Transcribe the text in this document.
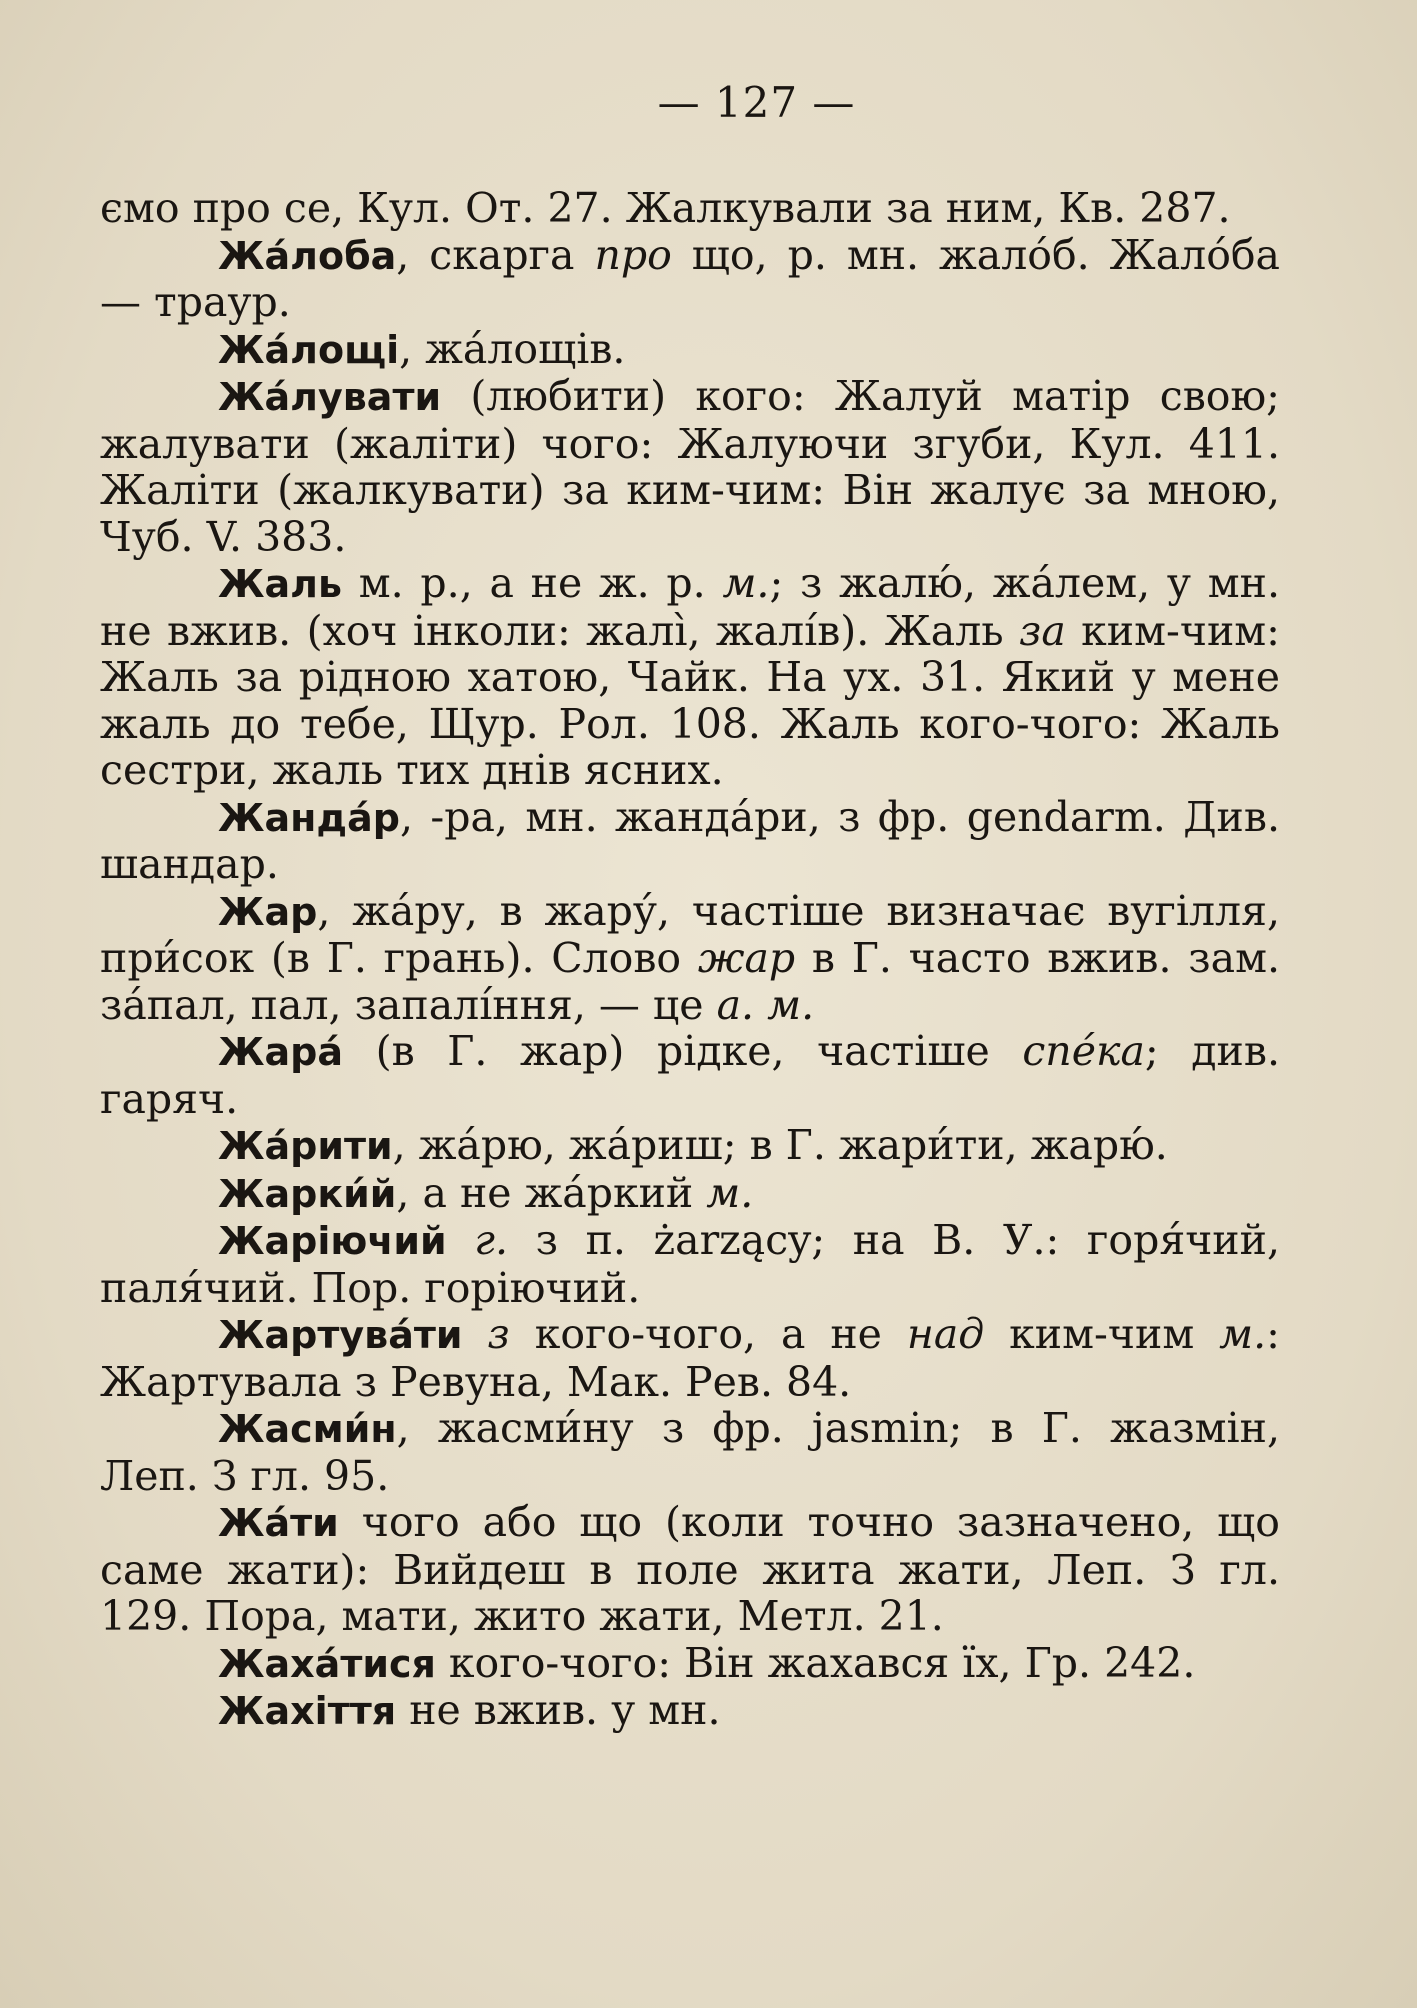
— 127 —

ємо про се, Кул. От. 27. Жалкували за ним, Кв. 287.

Жа́лоба, скарга про що, р. мн. жало́б. Жало́ба — траур.

Жа́лощі, жа́лощів.

Жа́лувати (любити) кого: Жалуй матір свою; жалувати (жаліти) чого: Жалуючи згуби, Кул. 411. Жаліти (жалкувати) за ким-чим: Він жалує за мною, Чуб. V. 383.

Жаль м. р., а не ж. р. м.; з жалю́, жа́лем, у мн. не вжив. (хоч інколи: жалі̀, жалі́в). Жаль за ким-чим: Жаль за рідною хатою, Чайк. На ух. 31. Який у мене жаль до тебе, Щур. Рол. 108. Жаль кого-чого: Жаль сестри, жаль тих днів ясних.

Жанда́р, -ра, мн. жанда́ри, з фр. gendarm. Див. шандар.

Жар, жа́ру, в жару́, частіше визначає вугілля, при́сок (в Г. грань). Слово жар в Г. часто вжив. зам. за́пал, пал, запалі́ння, — це а. м.

Жара́ (в Г. жар) рідке, частіше спе́ка; див. гаряч.

Жа́рити, жа́рю, жа́риш; в Г. жари́ти, жарю́.

Жарки́й, а не жа́ркий м.

Жаріючий г. з п. żarzący; на В. У.: горя́чий, паля́чий. Пор. горіючий.

Жартува́ти з кого-чого, а не над ким-чим м.: Жартувала з Ревуна, Мак. Рев. 84.

Жасми́н, жасми́ну з фр. jasmin; в Г. жазмін, Леп. З гл. 95.

Жа́ти чого або що (коли точно зазначено, що саме жати): Вийдеш в поле жита жати, Леп. З гл. 129. Пора, мати, жито жати, Метл. 21.

Жаха́тися кого-чого: Він жахався їх, Гр. 242.

Жахіття не вжив. у мн.
